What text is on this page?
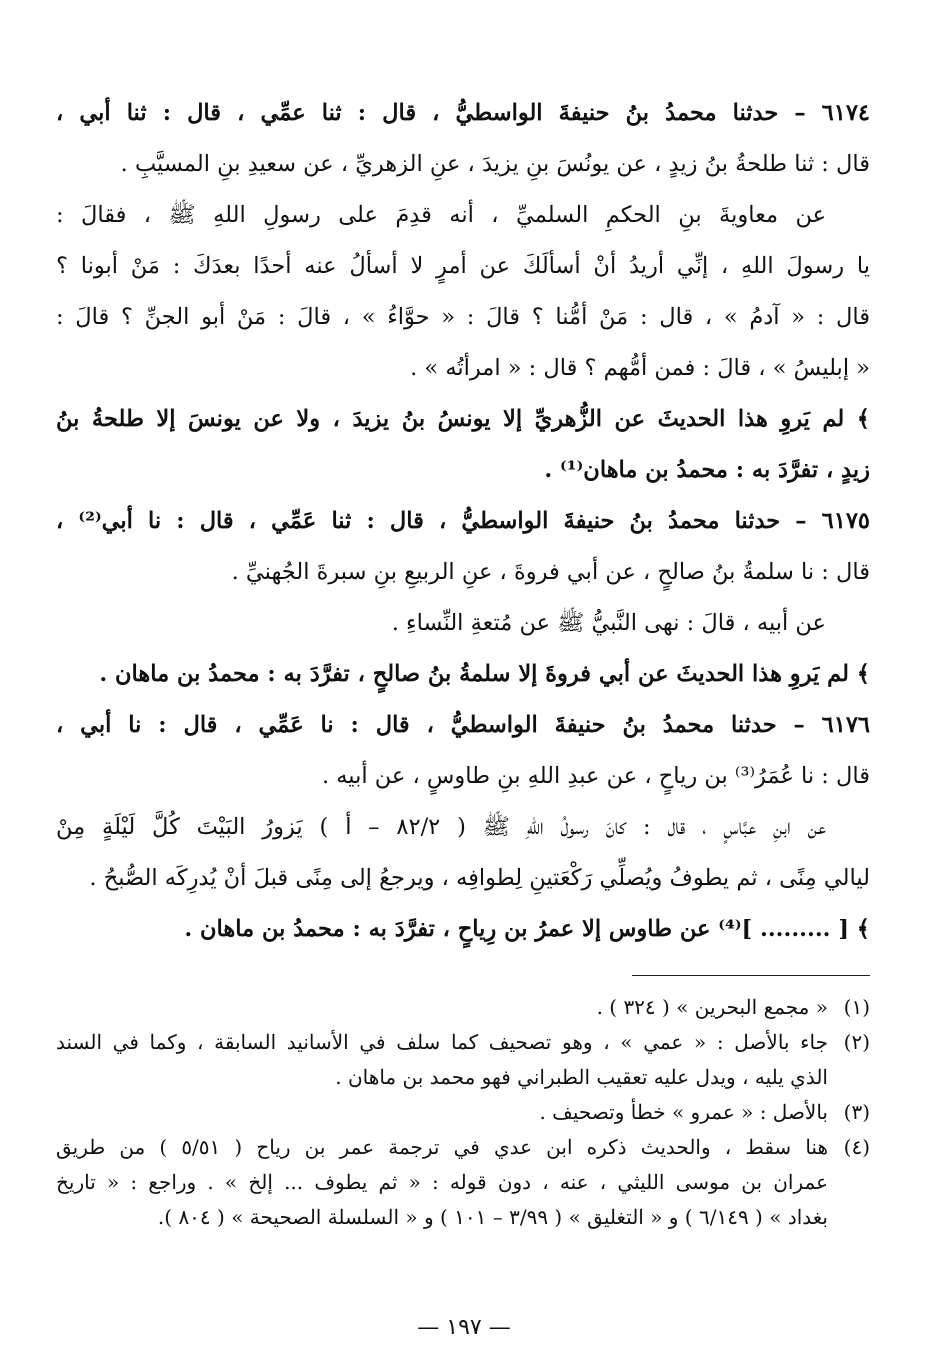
٦١٧٤ – حدثنا محمدُ بنُ حنيفةَ الواسطيُّ ، قال : ثنا عمِّي ، قال : ثنا أبي ،

قال : ثنا طلحةُ بنُ زيدٍ ، عن يونُسَ بنِ يزيدَ ، عنِ الزهريِّ ، عن سعيدِ بنِ المسيَّبِ .

عن معاويةَ بنِ الحكمِ السلميِّ ، أنه قدِمَ على رسولِ اللهِ ﷺ ، فقالَ :

يا رسولَ اللهِ ، إنِّي أريدُ أنْ أسألَكَ عن أمرٍ لا أسألُ عنه أحدًا بعدَكَ : مَنْ أبونا ؟

قال : « آدمُ » ، قال : مَنْ أمُّنا ؟ قالَ : « حوَّاءُ » ، قالَ : مَنْ أبو الجنِّ ؟ قالَ :

« إبليسُ » ، قالَ : فمن أمُّهم ؟ قال : « امرأتُه » .

﴾ لم يَروِ هذا الحديثَ عن الزُّهريِّ إلا يونسُ بنُ يزيدَ ، ولا عن يونسَ إلا طلحةُ بنُ

زيدٍ ، تفرَّدَ به : محمدُ بن ماهان⁽¹⁾ .

٦١٧٥ – حدثنا محمدُ بنُ حنيفةَ الواسطيُّ ، قال : ثنا عَمِّي ، قال : نا أبي⁽²⁾ ،

قال : نا سلمةُ بنُ صالحٍ ، عن أبي فروةَ ، عنِ الربيعِ بنِ سبرةَ الجُهنيِّ .

عن أبيه ، قالَ : نهى النَّبيُّ ﷺ عن مُتعةِ النِّساءِ .

﴾ لم يَروِ هذا الحديثَ عن أبي فروةَ إلا سلمةُ بنُ صالحٍ ، تفرَّدَ به : محمدُ بن ماهان .

٦١٧٦ – حدثنا محمدُ بنُ حنيفةَ الواسطيُّ ، قال : نا عَمِّي ، قال : نا أبي ،

قال : نا عُمَرُ⁽³⁾ بن رياحٍ ، عن عبدِ اللهِ بنِ طاوسٍ ، عن أبيه .

عن ابنِ عبَّاسٍ ، قال : كانَ رسولُ اللهِ ﷺ ( ٨٢/٢ – أ ) يَزورُ البَيْتَ كُلَّ لَيْلَةٍ مِنْ

ليالي مِنًى ، ثم يطوفُ ويُصلِّي رَكْعَتينِ لِطوافِه ، ويرجعُ إلى مِنًى قبلَ أنْ يُدرِكَه الصُّبحُ .

﴾ [ ......... ]⁽⁴⁾ عن طاوس إلا عمرُ بن رِياحٍ ، تفرَّدَ به : محمدُ بن ماهان .

(١)« مجمع البحرين » ( ٣٢٤ ) .
(٢)جاء بالأصل : « عمي » ، وهو تصحيف كما سلف في الأسانيد السابقة ، وكما في السند
الذي يليه ، ويدل عليه تعقيب الطبراني فهو محمد بن ماهان .
(٣)بالأصل : « عمرو » خطأ وتصحيف .
(٤)هنا سقط ، والحديث ذكره ابن عدي في ترجمة عمر بن رياح ( ٥/٥١ ) من طريق
عمران بن موسى الليثي ، عنه ، دون قوله : « ثم يطوف ... إلخ » . وراجع : « تاريخ
بغداد » ( ٦/١٤٩ ) و « التغليق » ( ٣/٩٩ – ١٠١ ) و « السلسلة الصحيحة » ( ٨٠٤ ).
— ١٩٧ —
